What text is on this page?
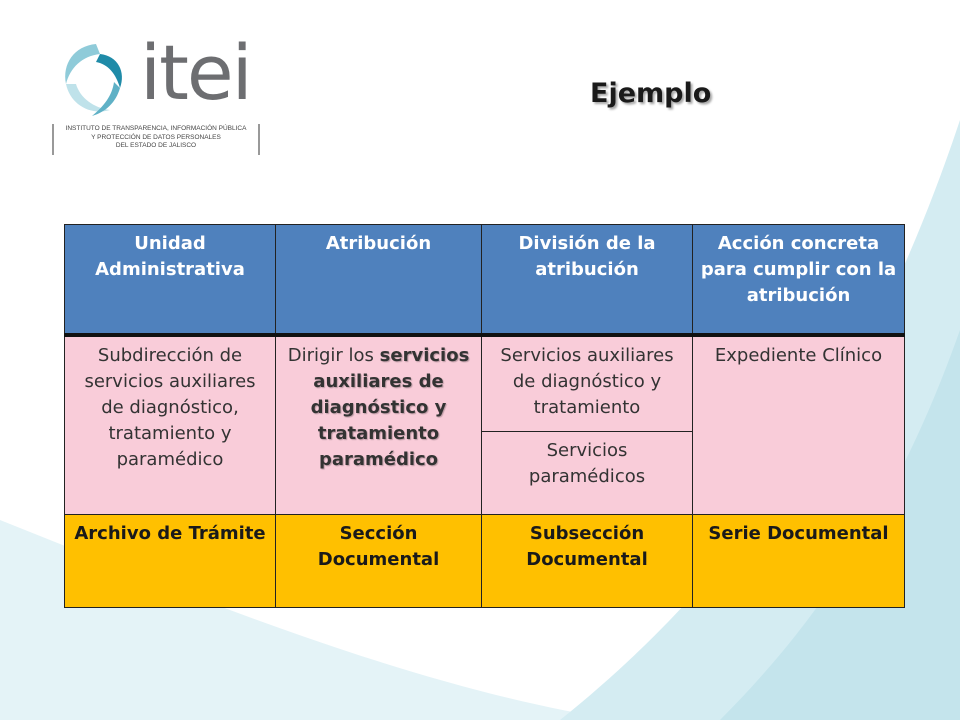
itei
INSTITUTO DE TRANSPARENCIA, INFORMACIÓN PÚBLICA
Y PROTECCIÓN DE DATOS PERSONALES
DEL ESTADO DE JALISCO
Ejemplo
Unidad Administrativa	Atribución	División de la atribución	Acción concreta para cumplir con la atribución
Subdirección de servicios auxiliares de diagnóstico, tratamiento y paramédico	Dirigir los servicios auxiliares de diagnóstico y tratamiento paramédico	Servicios auxiliares de diagnóstico y tratamiento	Expediente Clínico
		Servicios paramédicos	
Archivo de Trámite	Sección Documental	Subsección Documental	Serie Documental
